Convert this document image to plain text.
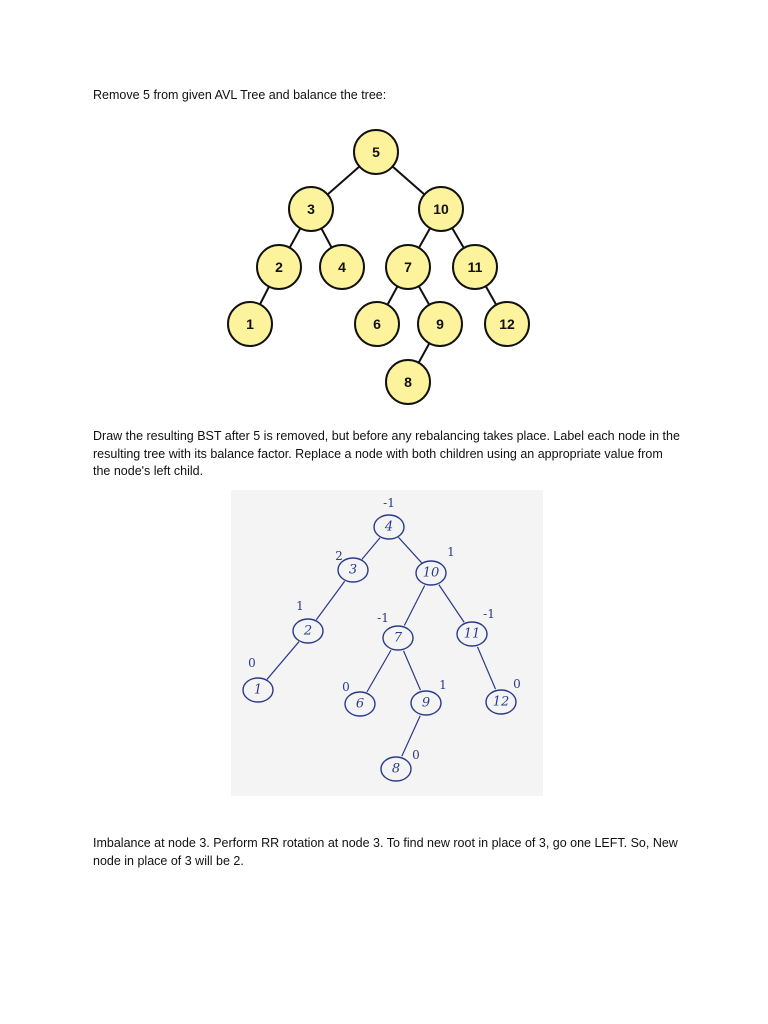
Remove 5 from given AVL Tree and balance the tree:

5
3	10
2	4	7	11
1	6	9	12
8

Draw the resulting BST after 5 is removed, but before any rebalancing takes place. Label each node in the resulting tree with its balance factor. Replace a node with both children using an appropriate value from the node's left child.

4
3	10
2	7	11
1
6	9	12
8
-1
2	1
1
-1	-1
0
0	1	0
0

Imbalance at node 3. Perform RR rotation at node 3. To find new root in place of 3, go one LEFT. So, New node in place of 3 will be 2.
